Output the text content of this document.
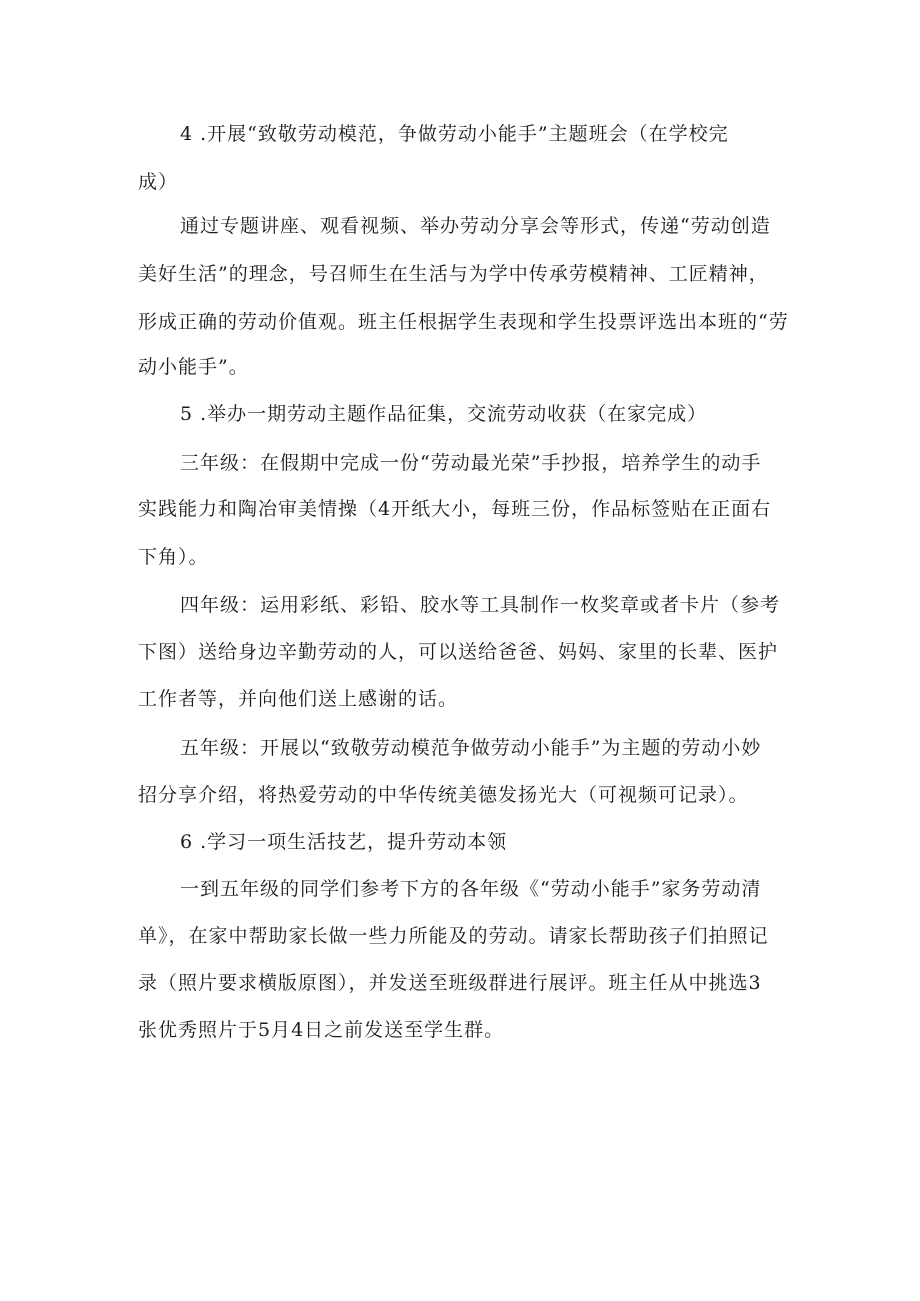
4 .开展“致敬劳动模范，争做劳动小能手”主题班会（在学校完
成）
通过专题讲座、观看视频、举办劳动分享会等形式，传递“劳动创造
美好生活”的理念，号召师生在生活与为学中传承劳模精神、工匠精神，
形成正确的劳动价值观。班主任根据学生表现和学生投票评选出本班的“劳
动小能手”。
5 .举办一期劳动主题作品征集，交流劳动收获（在家完成）
三年级：在假期中完成一份“劳动最光荣”手抄报，培养学生的动手
实践能力和陶冶审美情操（4开纸大小，每班三份，作品标签贴在正面右
下角）。
四年级：运用彩纸、彩铅、胶水等工具制作一枚奖章或者卡片（参考
下图）送给身边辛勤劳动的人，可以送给爸爸、妈妈、家里的长辈、医护
工作者等，并向他们送上感谢的话。
五年级：开展以“致敬劳动模范争做劳动小能手”为主题的劳动小妙
招分享介绍，将热爱劳动的中华传统美德发扬光大（可视频可记录）。
6 .学习一项生活技艺，提升劳动本领
一到五年级的同学们参考下方的各年级《“劳动小能手”家务劳动清
单》，在家中帮助家长做一些力所能及的劳动。请家长帮助孩子们拍照记
录（照片要求横版原图），并发送至班级群进行展评。班主任从中挑选3
张优秀照片于5月4日之前发送至学生群。
